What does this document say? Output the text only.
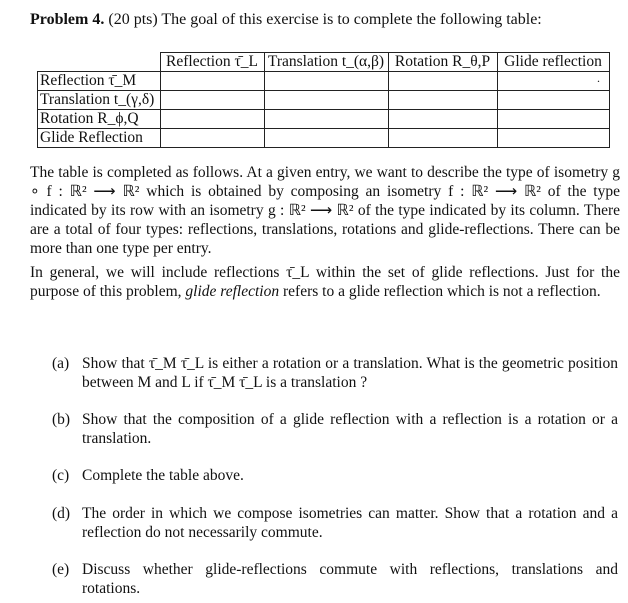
Problem 4. (20 pts) The goal of this exercise is to complete the following table:
	Reflection τ̄_L	Translation t_(α,β)	Rotation R_θ,P	Glide reflection
Reflection τ̄_M				·
Translation t_(γ,δ)				
Rotation R_ϕ,Q				
Glide Reflection				
The table is completed as follows. At a given entry, we want to describe the type of isometry g ∘ f : ℝ² ⟶ ℝ² which is obtained by composing an isometry f : ℝ² ⟶ ℝ² of the type indicated by its row with an isometry g : ℝ² ⟶ ℝ² of the type indicated by its column. There are a total of four types: reflections, translations, rotations and glide-reflections. There can be more than one type per entry.
In general, we will include reflections τ̄_L within the set of glide reflections. Just for the purpose of this problem, glide reflection refers to a glide reflection which is not a reflection.
(a) Show that τ̄_M τ̄_L is either a rotation or a translation. What is the geometric position between M and L if τ̄_M τ̄_L is a translation ?
(b) Show that the composition of a glide reflection with a reflection is a rotation or a translation.
(c) Complete the table above.
(d) The order in which we compose isometries can matter. Show that a rotation and a reflection do not necessarily commute.
(e) Discuss whether glide-reflections commute with reflections, translations and rotations.
